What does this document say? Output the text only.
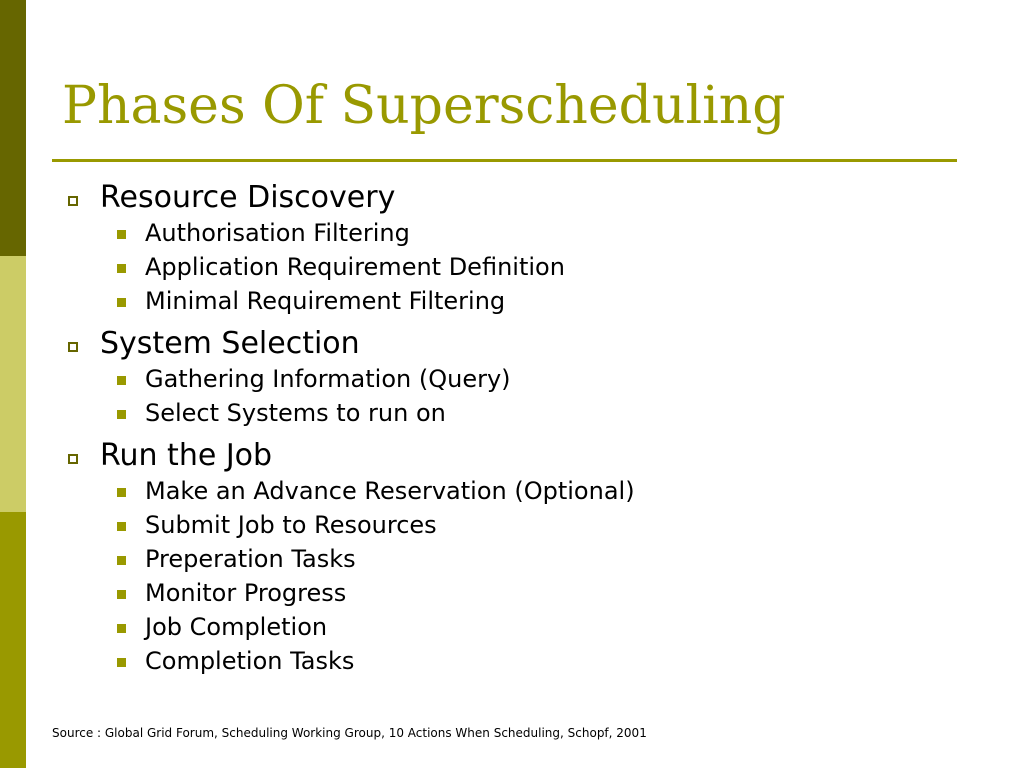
Phases Of Superscheduling
Resource Discovery
Authorisation Filtering
Application Requirement Definition
Minimal Requirement Filtering
System Selection
Gathering Information (Query)
Select Systems to run on
Run the Job
Make an Advance Reservation (Optional)
Submit Job to Resources
Preperation Tasks
Monitor Progress
Job Completion
Completion Tasks
Source : Global Grid Forum, Scheduling Working Group, 10 Actions When Scheduling, Schopf, 2001
